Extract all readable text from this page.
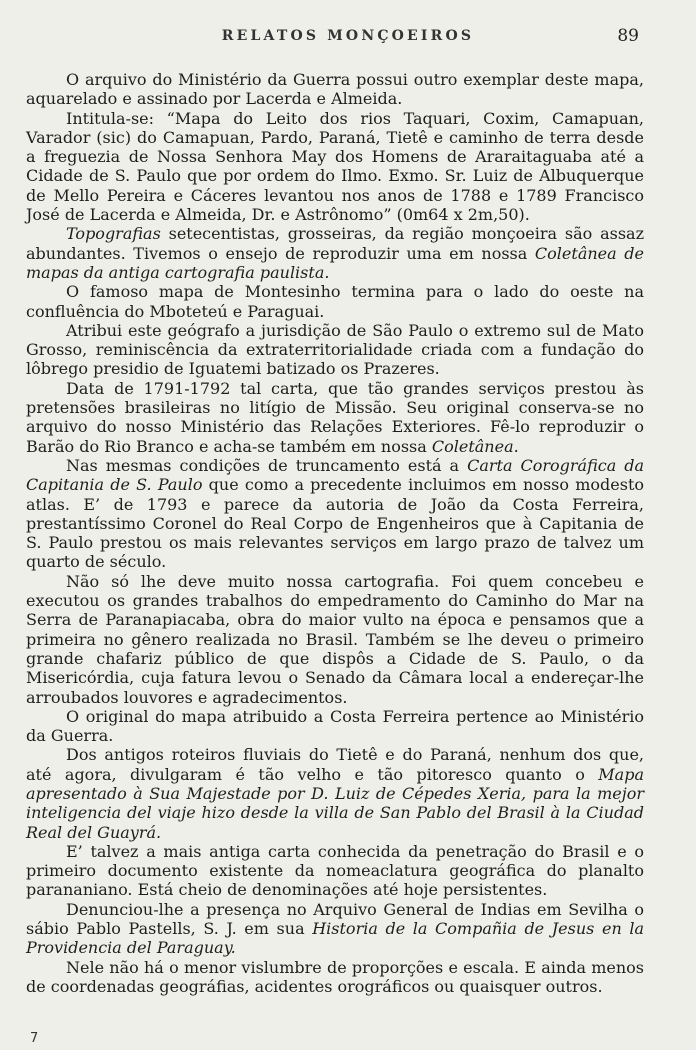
RELATOS MONÇOEIROS	89

O arquivo do Ministério da Guerra possui outro exemplar deste mapa, aquarelado e assinado por Lacerda e Almeida.

Intitula-se: “Mapa do Leito dos rios Taquari, Coxim, Camapuan, Varador (sic) do Camapuan, Pardo, Paraná, Tietê e caminho de terra desde a freguezia de Nossa Senhora May dos Homens de Araraitaguaba até a Cidade de S. Paulo que por ordem do Ilmo. Exmo. Sr. Luiz de Albuquerque de Mello Pereira e Cáceres levantou nos anos de 1788 e 1789 Francisco José de Lacerda e Almeida, Dr. e Astrônomo” (0m64 x 2m,50).

Topografias setecentistas, grosseiras, da região monçoeira são assaz abundantes. Tivemos o ensejo de reproduzir uma em nossa Coletânea de mapas da antiga cartografia paulista.

O famoso mapa de Montesinho termina para o lado do oeste na confluência do Mboteteú e Paraguai.

Atribui este geógrafo a jurisdição de São Paulo o extremo sul de Mato Grosso, reminiscência da extraterritorialidade criada com a fundação do lôbrego presidio de Iguatemi batizado os Prazeres.

Data de 1791-1792 tal carta, que tão grandes serviços prestou às pretensões brasileiras no litígio de Missão. Seu original conserva-se no arquivo do nosso Ministério das Relações Exteriores. Fê-lo reproduzir o Barão do Rio Branco e acha-se também em nossa Coletânea.

Nas mesmas condições de truncamento está a Carta Corográfica da Capitania de S. Paulo que como a precedente incluimos em nosso modesto atlas. E’ de 1793 e parece da autoria de João da Costa Ferreira, prestantíssimo Coronel do Real Corpo de Engenheiros que à Capitania de S. Paulo prestou os mais relevantes serviços em largo prazo de talvez um quarto de século.

Não só lhe deve muito nossa cartografia. Foi quem concebeu e executou os grandes trabalhos do empedramento do Caminho do Mar na Serra de Paranapiacaba, obra do maior vulto na época e pensamos que a primeira no gênero realizada no Brasil. Também se lhe deveu o primeiro grande chafariz público de que dispôs a Cidade de S. Paulo, o da Misericórdia, cuja fatura levou o Senado da Câmara local a endereçar-lhe arroubados louvores e agradecimentos.

O original do mapa atribuido a Costa Ferreira pertence ao Ministério da Guerra.

Dos antigos roteiros fluviais do Tietê e do Paraná, nenhum dos que, até agora, divulgaram é tão velho e tão pitoresco quanto o Mapa apresentado à Sua Majestade por D. Luiz de Cépedes Xeria, para la mejor inteligencia del viaje hizo desde la villa de San Pablo del Brasil à la Ciudad Real del Guayrá.

E’ talvez a mais antiga carta conhecida da penetração do Brasil e o primeiro documento existente da nomeaclatura geográfica do planalto parananiano. Está cheio de denominações até hoje persistentes.

Denunciou-lhe a presença no Arquivo General de Indias em Sevilha o sábio Pablo Pastells, S. J. em sua Historia de la Compañia de Jesus en la Providencia del Paraguay.

Nele não há o menor vislumbre de proporções e escala. E ainda menos de coordenadas geográfias, acidentes orográficos ou quaisquer outros.

7
